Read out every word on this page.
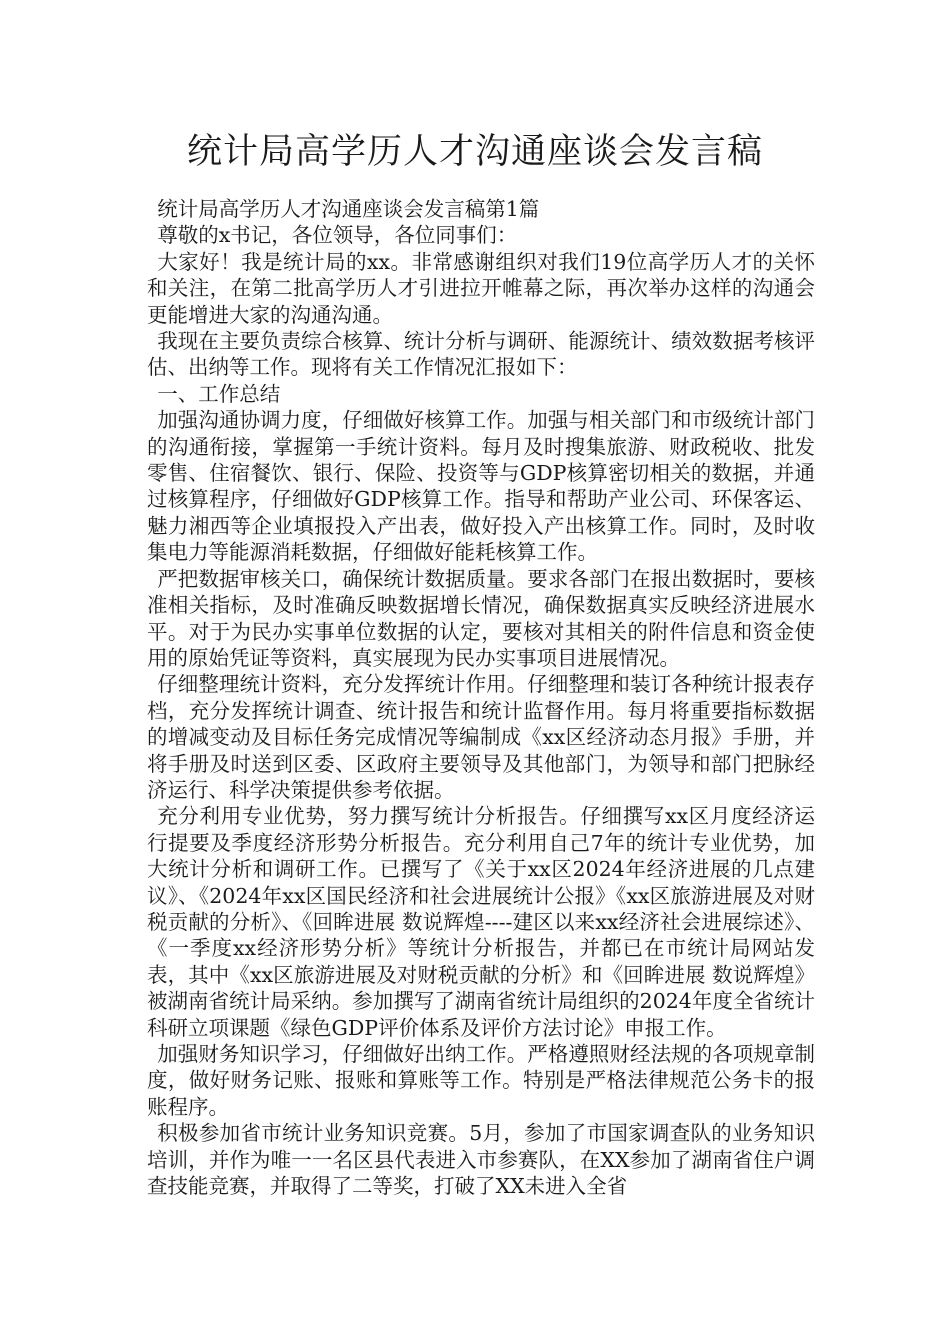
统计局高学历人才沟通座谈会发言稿

统计局高学历人才沟通座谈会发言稿第1篇

尊敬的x书记，各位领导，各位同事们：

大家好！我是统计局的xx。非常感谢组织对我们19位高学历人才的关怀和关注，在第二批高学历人才引进拉开帷幕之际，再次举办这样的沟通会更能增进大家的沟通沟通。

我现在主要负责综合核算、统计分析与调研、能源统计、绩效数据考核评估、出纳等工作。现将有关工作情况汇报如下：

一、工作总结

加强沟通协调力度，仔细做好核算工作。加强与相关部门和市级统计部门的沟通衔接，掌握第一手统计资料。每月及时搜集旅游、财政税收、批发零售、住宿餐饮、银行、保险、投资等与GDP核算密切相关的数据，并通过核算程序，仔细做好GDP核算工作。指导和帮助产业公司、环保客运、魅力湘西等企业填报投入产出表，做好投入产出核算工作。同时，及时收集电力等能源消耗数据，仔细做好能耗核算工作。

严把数据审核关口，确保统计数据质量。要求各部门在报出数据时，要核准相关指标，及时准确反映数据增长情况，确保数据真实反映经济进展水平。对于为民办实事单位数据的认定，要核对其相关的附件信息和资金使用的原始凭证等资料，真实展现为民办实事项目进展情况。

仔细整理统计资料，充分发挥统计作用。仔细整理和装订各种统计报表存档，充分发挥统计调查、统计报告和统计监督作用。每月将重要指标数据的增减变动及目标任务完成情况等编制成《xx区经济动态月报》手册，并将手册及时送到区委、区政府主要领导及其他部门，为领导和部门把脉经济运行、科学决策提供参考依据。

充分利用专业优势，努力撰写统计分析报告。仔细撰写xx区月度经济运行提要及季度经济形势分析报告。充分利用自己7年的统计专业优势，加大统计分析和调研工作。已撰写了《关于xx区2024年经济进展的几点建议》、《2024年xx区国民经济和社会进展统计公报》《xx区旅游进展及对财税贡献的分析》、《回眸进展 数说辉煌----建区以来xx经济社会进展综述》、《一季度xx经济形势分析》等统计分析报告，并都已在市统计局网站发表，其中《xx区旅游进展及对财税贡献的分析》和《回眸进展 数说辉煌》被湖南省统计局采纳。参加撰写了湖南省统计局组织的2024年度全省统计科研立项课题《绿色GDP评价体系及评价方法讨论》申报工作。

加强财务知识学习，仔细做好出纳工作。严格遵照财经法规的各项规章制度，做好财务记账、报账和算账等工作。特别是严格法律规范公务卡的报账程序。

积极参加省市统计业务知识竞赛。5月，参加了市国家调查队的业务知识培训，并作为唯一一名区县代表进入市参赛队，在XX参加了湖南省住户调查技能竞赛，并取得了二等奖，打破了XX未进入全省
